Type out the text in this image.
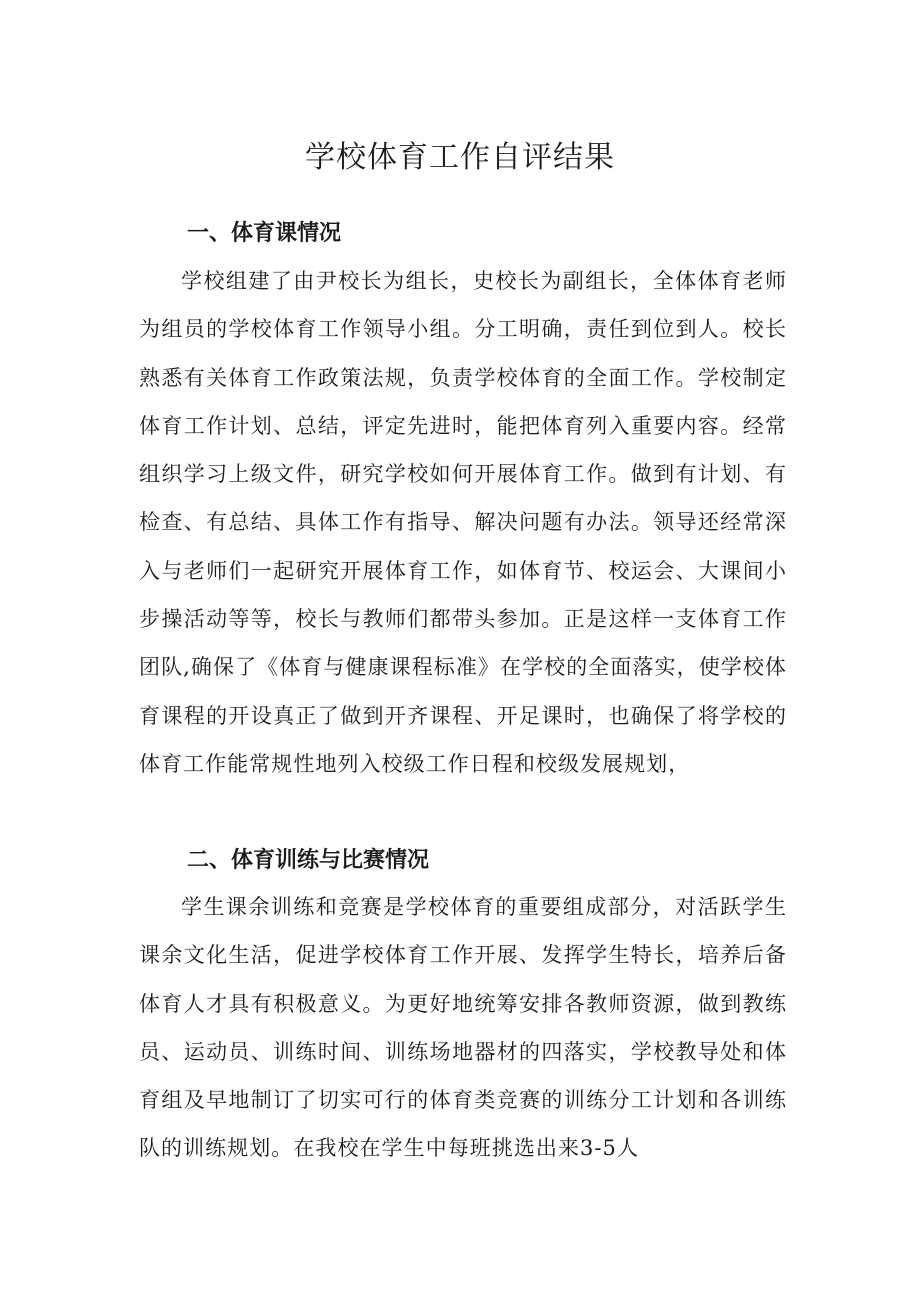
学校体育工作自评结果
一、体育课情况

学校组建了由尹校长为组长，史校长为副组长，全体体育老师为组员的学校体育工作领导小组。分工明确，责任到位到人。校长熟悉有关体育工作政策法规，负责学校体育的全面工作。学校制定体育工作计划、总结，评定先进时，能把体育列入重要内容。经常组织学习上级文件，研究学校如何开展体育工作。做到有计划、有检查、有总结、具体工作有指导、解决问题有办法。领导还经常深入与老师们一起研究开展体育工作，如体育节、校运会、大课间小步操活动等等，校长与教师们都带头参加。正是这样一支体育工作团队,确保了《体育与健康课程标准》在学校的全面落实，使学校体育课程的开设真正了做到开齐课程、开足课时，也确保了将学校的体育工作能常规性地列入校级工作日程和校级发展规划，

二、体育训练与比赛情况

学生课余训练和竞赛是学校体育的重要组成部分，对活跃学生课余文化生活，促进学校体育工作开展、发挥学生特长，培养后备体育人才具有积极意义。为更好地统筹安排各教师资源，做到教练员、运动员、训练时间、训练场地器材的四落实，学校教导处和体育组及早地制订了切实可行的体育类竞赛的训练分工计划和各训练队的训练规划。在我校在学生中每班挑选出来3-5人
